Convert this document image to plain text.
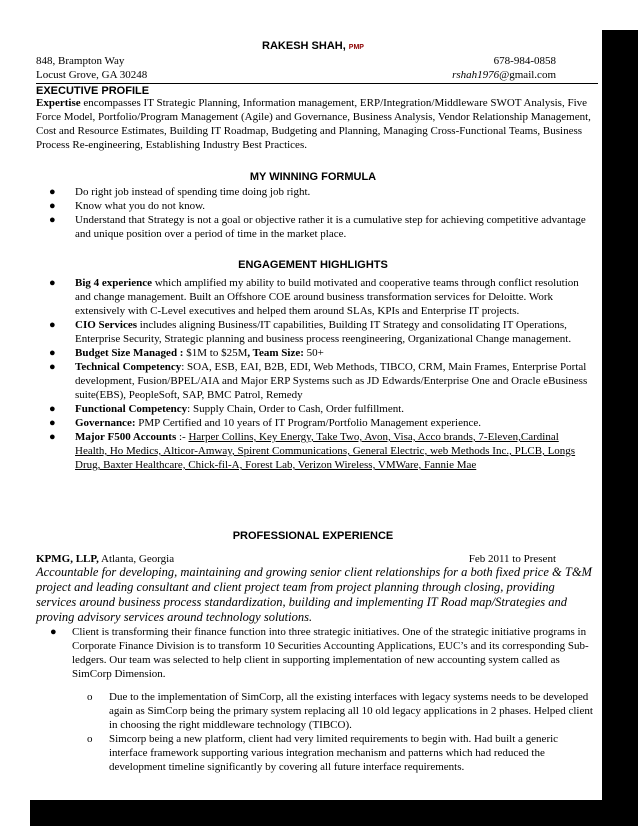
RAKESH SHAH, PMP
848, Brampton Way	678-984-0858
Locust Grove, GA 30248	rshah1976@gmail.com
EXECUTIVE PROFILE

Expertise encompasses IT Strategic Planning, Information management, ERP/Integration/Middleware SWOT Analysis, Five Force Model, Portfolio/Program Management (Agile) and Governance, Business Analysis, Vendor Relationship Management, Cost and Resource Estimates, Building IT Roadmap, Budgeting and Planning, Managing Cross-Functional Teams, Business Process Re-engineering, Establishing Industry Best Practices.

MY WINNING FORMULA
● Do right job instead of spending time doing job right.
● Know what you do not know.
● Understand that Strategy is not a goal or objective rather it is a cumulative step for achieving competitive advantage and unique position over a period of time in the market place.
ENGAGEMENT HIGHLIGHTS
● Big 4 experience which amplified my ability to build motivated and cooperative teams through conflict resolution and change management. Built an Offshore COE around business transformation services for Deloitte. Work extensively with C-Level executives and helped them around SLAs, KPIs and Enterprise IT projects.
● CIO Services includes aligning Business/IT capabilities, Building IT Strategy and consolidating IT Operations, Enterprise Security, Strategic planning and business process reengineering, Organizational Change management.
● Budget Size Managed : $1M to $25M, Team Size: 50+
● Technical Competency: SOA, ESB, EAI, B2B, EDI, Web Methods, TIBCO, CRM, Main Frames, Enterprise Portal development, Fusion/BPEL/AIA and Major ERP Systems such as JD Edwards/Enterprise One and Oracle eBusiness suite(EBS), PeopleSoft, SAP, BMC Patrol, Remedy
● Functional Competency: Supply Chain, Order to Cash, Order fulfillment.
● Governance: PMP Certified and 10 years of IT Program/Portfolio Management experience.
● Major F500 Accounts :- Harper Collins, Key Energy, Take Two, Avon, Visa, Acco brands, 7-Eleven,Cardinal Health, Ho Medics, Alticor-Amway, Spirent Communications, General Electric, web Methods Inc., PLCB, Longs Drug, Baxter Healthcare, Chick-fil-A, Forest Lab, Verizon Wireless, VMWare, Fannie Mae
PROFESSIONAL EXPERIENCE
KPMG, LLP, Atlanta, Georgia	Feb 2011 to Present

Accountable for developing, maintaining and growing senior client relationships for a both fixed price & T&M project and leading consultant and client project team from project planning through closing, providing services around business process standardization, building and implementing IT Road map/Strategies and proving advisory services around technology solutions.

● Client is transforming their finance function into three strategic initiatives. One of the strategic initiative programs in Corporate Finance Division is to transform 10 Securities Accounting Applications, EUC’s and its corresponding Sub-ledgers. Our team was selected to help client in supporting implementation of new accounting system called as SimCorp Dimension.
o Due to the implementation of SimCorp, all the existing interfaces with legacy systems needs to be developed again as SimCorp being the primary system replacing all 10 old legacy applications in 2 phases. Helped client in choosing the right middleware technology (TIBCO).
o Simcorp being a new platform, client had very limited requirements to begin with. Had built a generic interface framework supporting various integration mechanism and patterns which had reduced the development timeline significantly by covering all future interface requirements.
